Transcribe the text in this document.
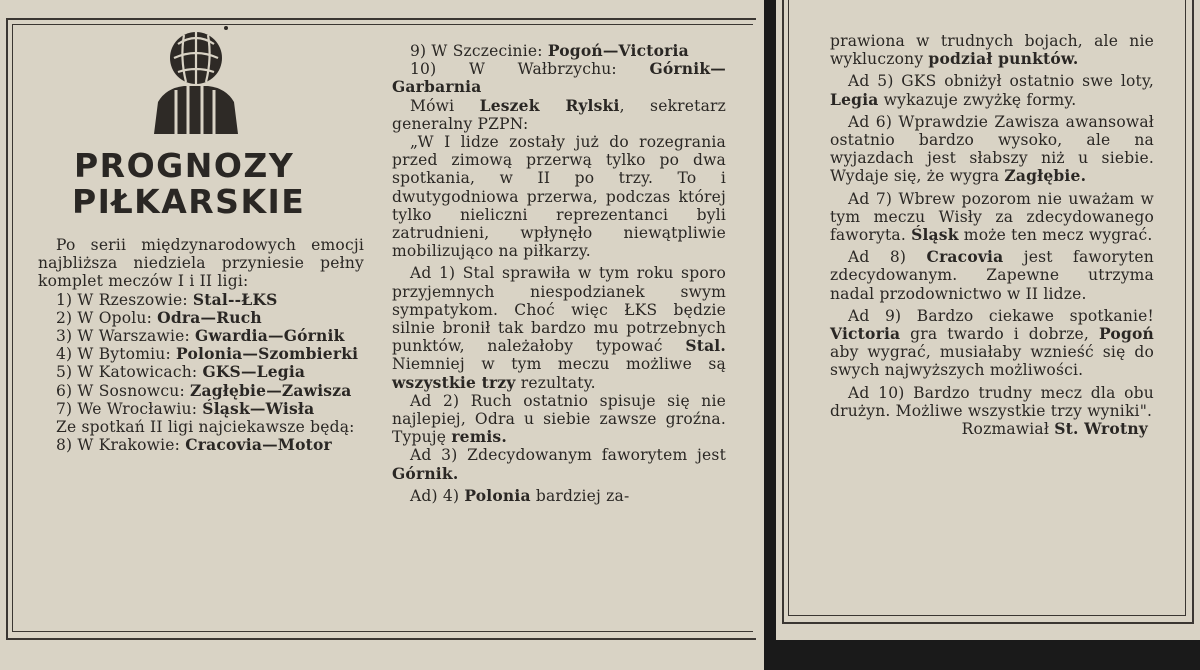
PROGNOZY
PIŁKARSKIE

Po serii międzynarodowych emocji najbliższa niedziela przyniesie pełny komplet meczów I i II ligi:

1) W Rzeszowie: Stal--ŁKS

2) W Opolu: Odra—Ruch

3) W Warszawie: Gwardia—Górnik

4) W Bytomiu: Polonia—Szombierki

5) W Katowicach: GKS—Legia

6) W Sosnowcu: Zagłębie—Zawisza

7) We Wrocławiu: Śląsk—Wisła

Ze spotkań II ligi najciekawsze będą:

8) W Krakowie: Cracovia—Motor

9) W Szczecinie: Pogoń—Victoria

10) W Wałbrzychu: Górnik—Garbarnia

Mówi Leszek Rylski, sekretarz generalny PZPN:

„W I lidze zostały już do rozegrania przed zimową przerwą tylko po dwa spotkania, w II po trzy. To i dwutygodniowa przerwa, podczas której tylko nieliczni reprezentanci byli zatrudnieni, wpłynęło niewątpliwie mobilizująco na piłkarzy.

Ad 1) Stal sprawiła w tym roku sporo przyjemnych niespodzianek swym sympatykom. Choć więc ŁKS będzie silnie bronił tak bardzo mu potrzebnych punktów, należałoby typować Stal. Niemniej w tym meczu możliwe są wszystkie trzy rezultaty.

Ad 2) Ruch ostatnio spisuje się nie najlepiej, Odra u siebie zawsze groźna. Typuję remis.

Ad 3) Zdecydowanym faworytem jest Górnik.

Ad) 4) Polonia bardziej za-

prawiona w trudnych bojach, ale nie wykluczony podział punktów.

Ad 5) GKS obniżył ostatnio swe loty, Legia wykazuje zwyżkę formy.

Ad 6) Wprawdzie Zawisza awansował ostatnio bardzo wysoko, ale na wyjazdach jest słabszy niż u siebie. Wydaje się, że wygra Zagłębie.

Ad 7) Wbrew pozorom nie uważam w tym meczu Wisły za zdecydowanego faworyta. Śląsk może ten mecz wygrać.

Ad 8) Cracovia jest faworyten zdecydowanym. Zapewne utrzyma nadal przodownictwo w II lidze.

Ad 9) Bardzo ciekawe spotkanie! Victoria gra twardo i dobrze, Pogoń aby wygrać, musiałaby wznieść się do swych najwyższych możliwości.

Ad 10) Bardzo trudny mecz dla obu drużyn. Możliwe wszystkie trzy wyniki".

Rozmawiał St. Wrotny
